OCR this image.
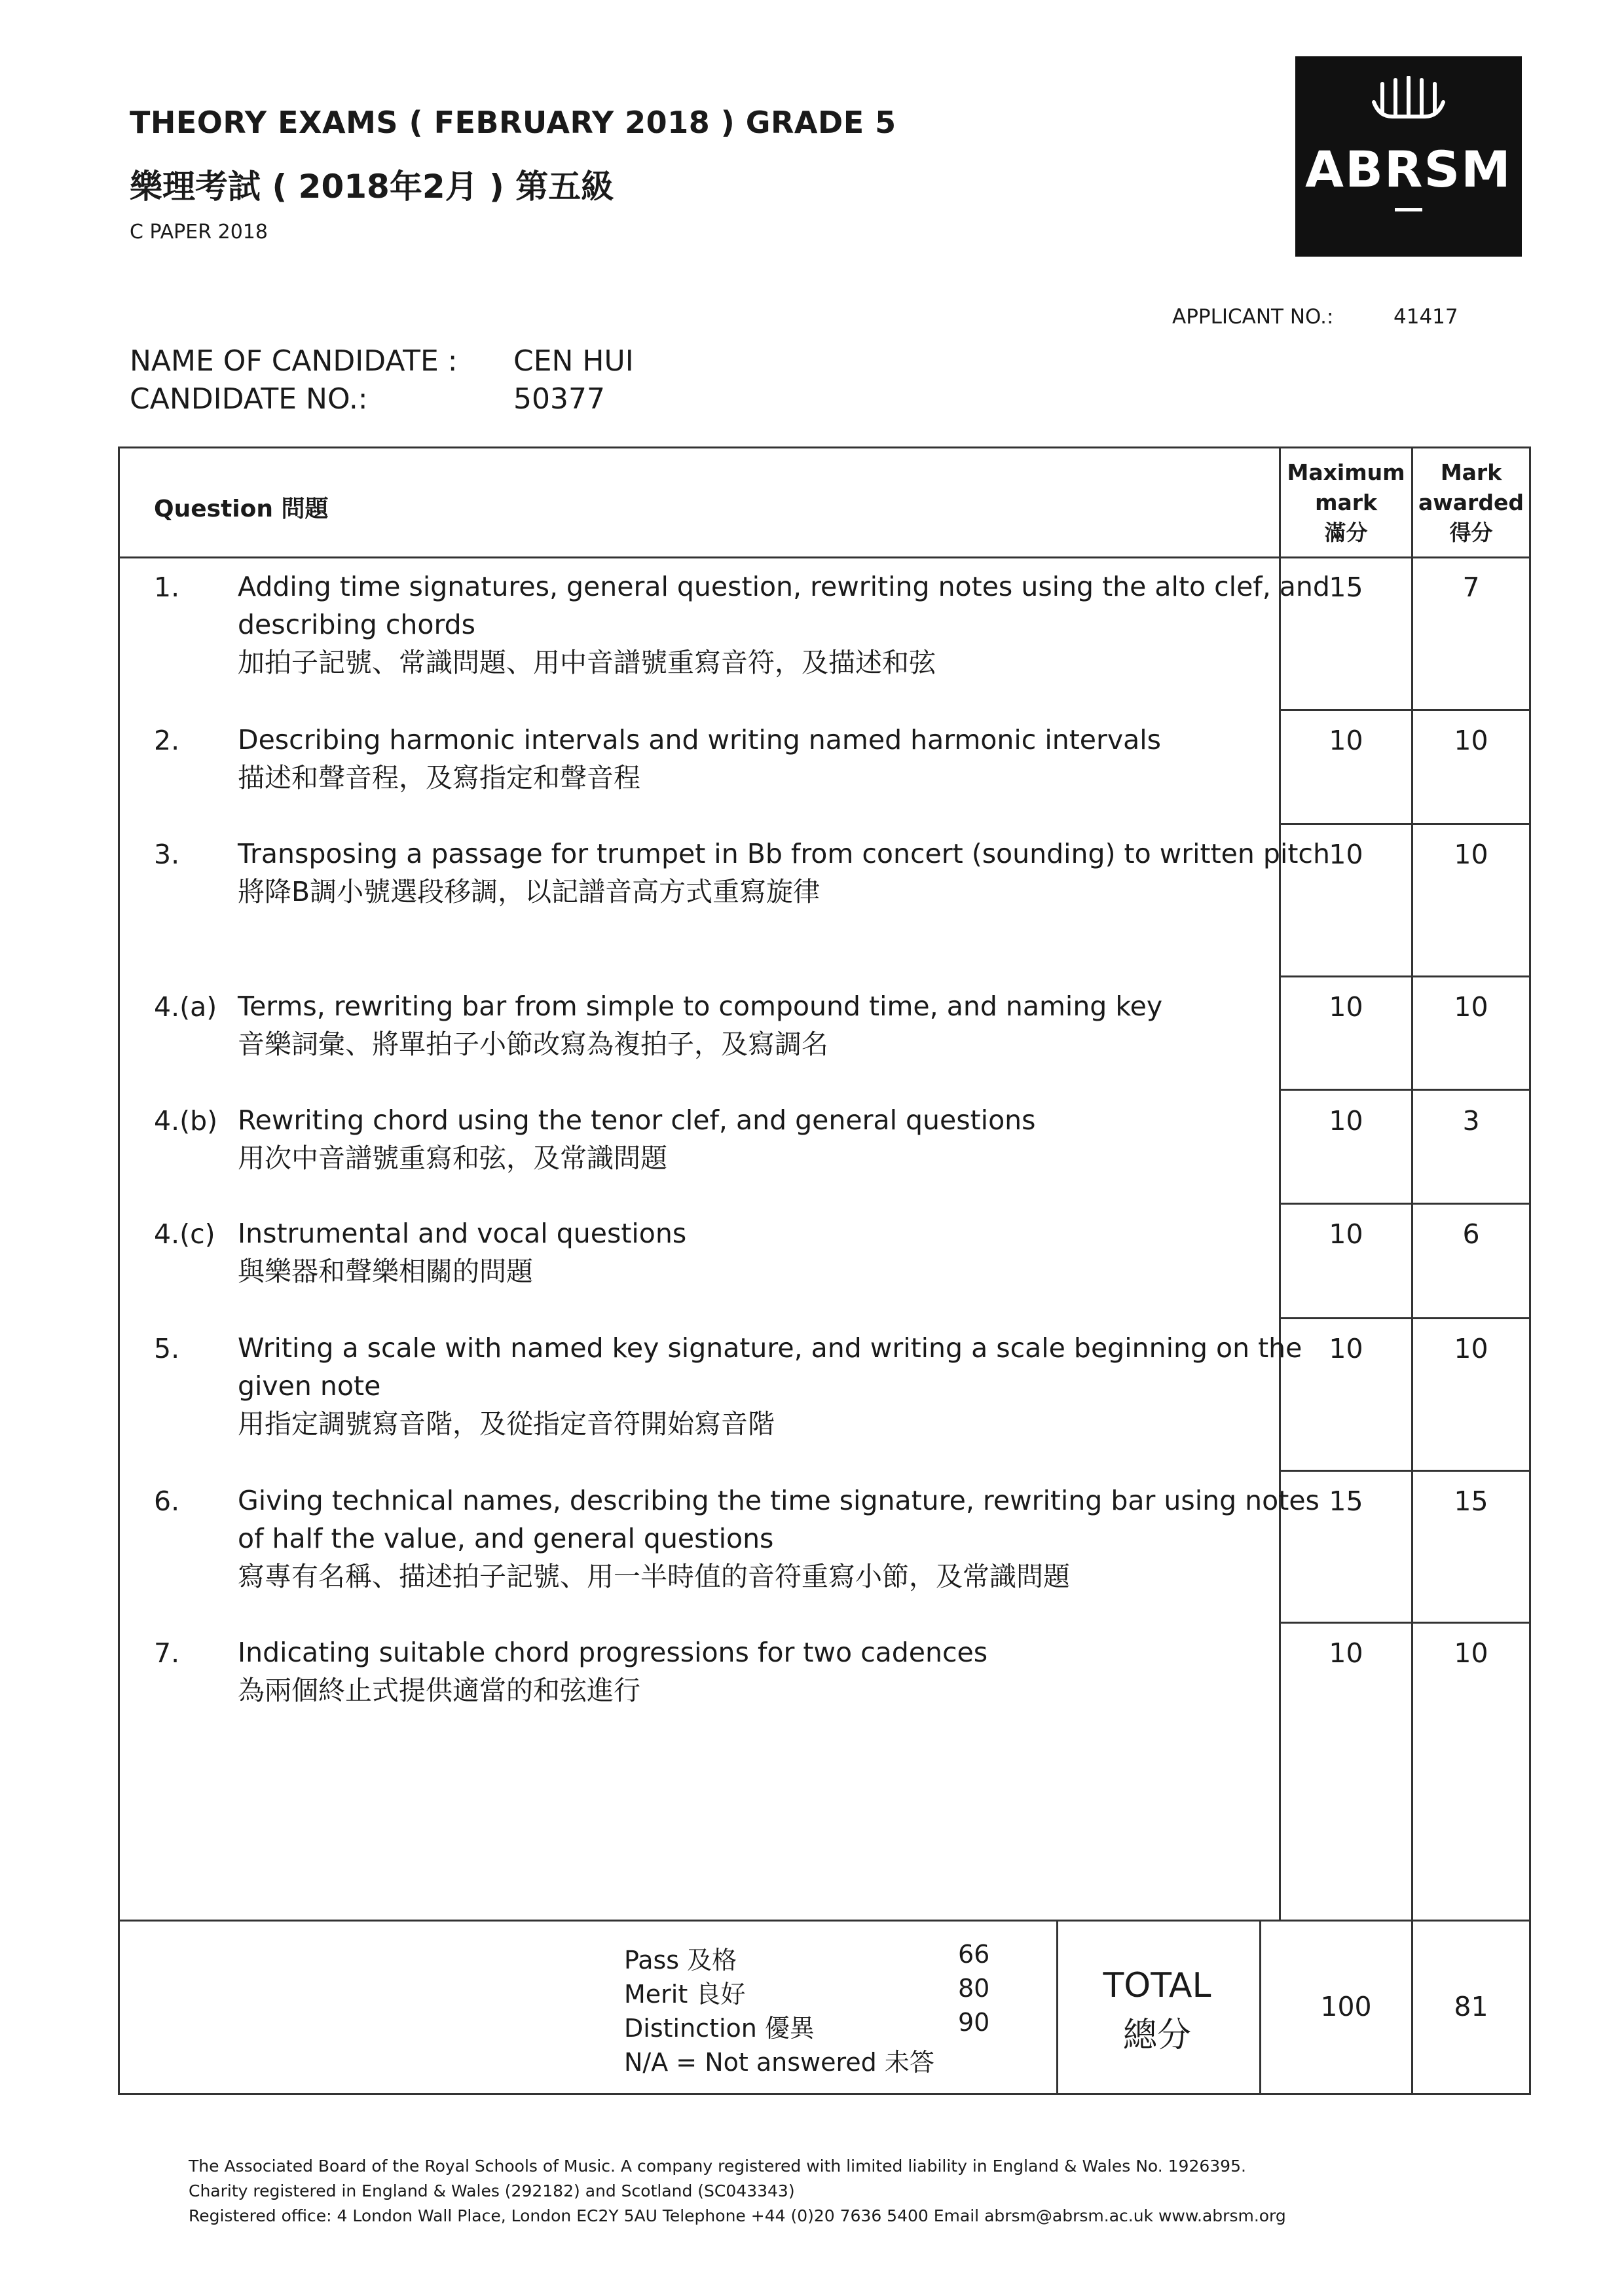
THEORY EXAMS ( FEBRUARY 2018 ) GRADE 5
樂理考試 ( 2018年2月 ) 第五級
C PAPER 2018
ABRSM
APPLICANT NO.:	41417
NAME OF CANDIDATE : CEN HUI
CANDIDATE NO.:	50377
Question 問題
Maximum
mark
滿分
Mark
awarded
得分
1. Adding time signatures, general question, rewriting notes using the alto clef, and describing chords
加拍子記號、常識問題、用中音譜號重寫音符，及描述和弦
15	7
2. Describing harmonic intervals and writing named harmonic intervals
描述和聲音程，及寫指定和聲音程
10	10
3. Transposing a passage for trumpet in Bb from concert (sounding) to written pitch
將降B調小號選段移調，以記譜音高方式重寫旋律
10	10
4.(a) Terms, rewriting bar from simple to compound time, and naming key
音樂詞彙、將單拍子小節改寫為複拍子，及寫調名
10	10
4.(b) Rewriting chord using the tenor clef, and general questions
用次中音譜號重寫和弦，及常識問題
10	3
4.(c) Instrumental and vocal questions
與樂器和聲樂相關的問題
10	6
5. Writing a scale with named key signature, and writing a scale beginning on the given note
用指定調號寫音階，及從指定音符開始寫音階
10	10
6. Giving technical names, describing the time signature, rewriting bar using notes of half the value, and general questions
寫專有名稱、描述拍子記號、用一半時值的音符重寫小節，及常識問題
15	15
7. Indicating suitable chord progressions for two cadences
為兩個終止式提供適當的和弦進行
10	10
Pass 及格	66
Merit 良好	80
Distinction 優異	90
N/A = Not answered 未答
TOTAL
總分
100	81
The Associated Board of the Royal Schools of Music. A company registered with limited liability in England & Wales No. 1926395.
Charity registered in England & Wales (292182) and Scotland (SC043343)
Registered office: 4 London Wall Place, London EC2Y 5AU Telephone +44 (0)20 7636 5400 Email abrsm@abrsm.ac.uk www.abrsm.org
